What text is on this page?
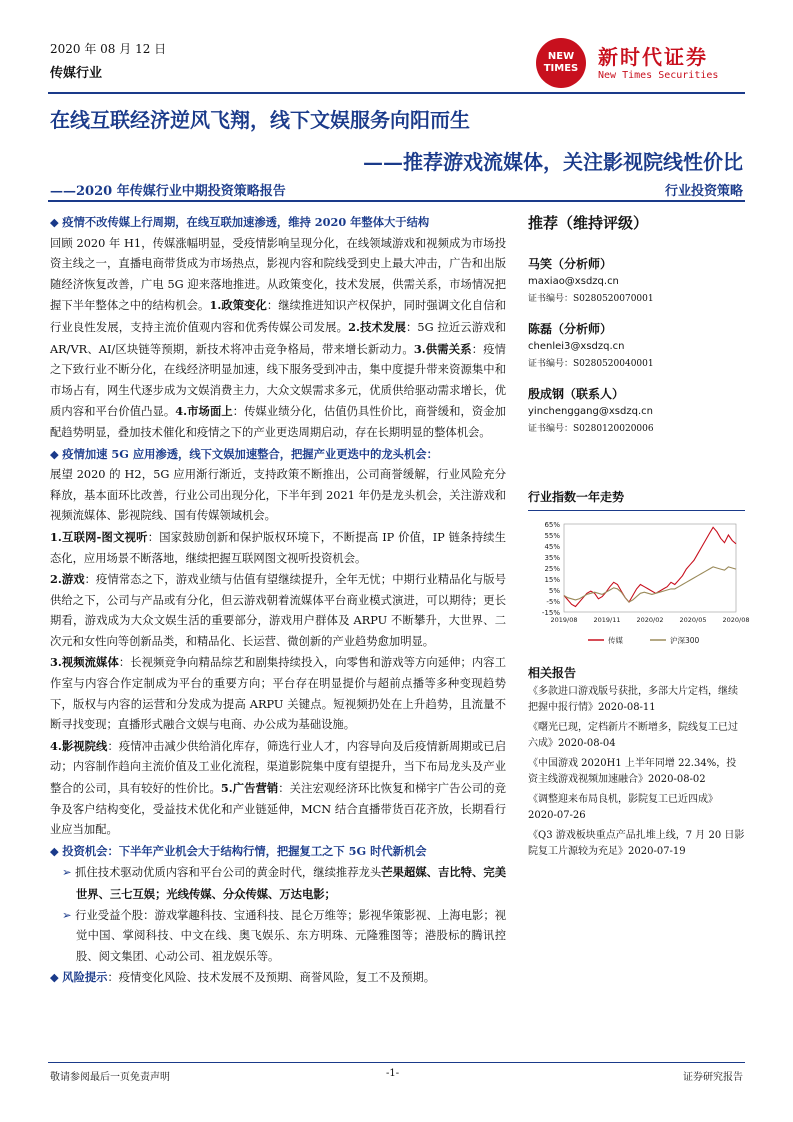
2020 年 08 月 12 日
传媒行业
NEW TIMES 新时代证券
New Times Securities
在线互联经济逆风飞翔，线下文娱服务向阳而生
——推荐游戏流媒体，关注影视院线性价比
——2020 年传媒行业中期投资策略报告	行业投资策略

◆ 疫情不改传媒上行周期，在线互联加速渗透，维持 2020 年整体大于结构

回顾 2020 年 H1，传媒涨幅明显，受疫情影响呈现分化，在线领域游戏和视频成为市场投资主线之一，直播电商带货成为市场热点，影视内容和院线受到史上最大冲击，广告和出版随经济恢复改善，广电 5G 迎来落地推进。从政策变化，技术发展，供需关系，市场情况把握下半年整体之中的结构机会。1.政策变化：继续推进知识产权保护，同时强调文化自信和行业良性发展，支持主流价值观内容和优秀传媒公司发展。2.技术发展：5G 拉近云游戏和 AR/VR、AI/区块链等预期，新技术将冲击竞争格局，带来增长新动力。3.供需关系：疫情之下致行业不断分化，在线经济明显加速，线下服务受到冲击，集中度提升带来资源集中和市场占有，网生代逐步成为文娱消费主力，大众文娱需求多元，优质供给驱动需求增长，优质内容和平台价值凸显。4.市场面上：传媒业绩分化，估值仍具性价比，商誉缓和，资金加配趋势明显，叠加技术催化和疫情之下的产业更迭周期启动，存在长期明显的整体机会。

◆ 疫情加速 5G 应用渗透，线下文娱加速整合，把握产业更迭中的龙头机会：

展望 2020 的 H2，5G 应用渐行渐近，支持政策不断推出，公司商誉缓解，行业风险充分释放，基本面环比改善，行业公司出现分化，下半年到 2021 年仍是龙头机会，关注游戏和视频流媒体、影视院线、国有传媒领域机会。
1.互联网-图文视听：国家鼓励创新和保护版权环境下，不断提高 IP 价值，IP 链条持续生态化，应用场景不断落地，继续把握互联网图文视听投资机会。
2.游戏：疫情常态之下，游戏业绩与估值有望继续提升，全年无忧；中期行业精品化与版号供给之下，公司与产品或有分化，但云游戏朝着流媒体平台商业模式演进，可以期待；更长期看，游戏成为大众文娱生活的重要部分，游戏用户群体及 ARPU 不断攀升，大世界、二次元和女性向等创新品类，和精品化、长运营、微创新的产业趋势愈加明显。
3.视频流媒体：长视频竞争向精品综艺和剧集持续投入，向零售和游戏等方向延伸；内容工作室与内容合作定制成为平台的重要方向；平台存在明显提价与超前点播等多种变现趋势下，版权与内容的运营和分发成为提高 ARPU 关键点。短视频扔处在上升趋势，且流量不断寻找变现；直播形式融合文娱与电商、办公成为基础设施。
4.影视院线：疫情冲击减少供给消化库存，筛选行业人才，内容导向及后疫情新周期或已启动；内容制作趋向主流价值及工业化流程，渠道影院集中度有望提升，当下布局龙头及产业整合的公司，具有较好的性价比。5.广告营销：关注宏观经济环比恢复和梯宇广告公司的竞争及客户结构变化，受益技术优化和产业链延伸，MCN 结合直播带货百花齐放，长期看行业应当加配。

◆ 投资机会：下半年产业机会大于结构行情，把握复工之下 5G 时代新机会

➢ 抓住技术驱动优质内容和平台公司的黄金时代，继续推荐龙头芒果超媒、吉比特、完美世界、三七互娱；光线传媒、分众传媒、万达电影；

➢ 行业受益个股：游戏掌趣科技、宝通科技、昆仑万维等；影视华策影视、上海电影；视觉中国、掌阅科技、中文在线、奥飞娱乐、东方明珠、元隆雅图等；港股标的腾讯控股、阅文集团、心动公司、祖龙娱乐等。

◆ 风险提示：疫情变化风险、技术发展不及预期、商誉风险，复工不及预期。

推荐（维持评级）
马笑（分析师）
maxiao@xsdzq.cn
证书编号：S0280520070001
陈磊（分析师）
chenlei3@xsdzq.cn
证书编号：S0280520040001
殷成钢（联系人）
yinchenggang@xsdzq.cn
证书编号：S0280120020006
行业指数一年走势
65%
55%
45%
35%
25%
15%
5%
-5%
-15%
2019/08 2019/11 2020/02 2020/05 2020/08
传媒	沪深300
相关报告
《多款进口游戏版号获批，多部大片定档，继续把握中报行情》2020-08-11
《曙光已现，定档新片不断增多，院线复工已过六成》2020-08-04
《中国游戏 2020H1 上半年同增 22.34%，投资主线游戏视频加速融合》2020-08-02
《调整迎来布局良机，影院复工已近四成》2020-07-26
《Q3 游戏板块重点产品扎堆上线，7 月 20 日影院复工片源较为充足》2020-07-19
敬请参阅最后一页免责声明	-1-	证券研究报告
